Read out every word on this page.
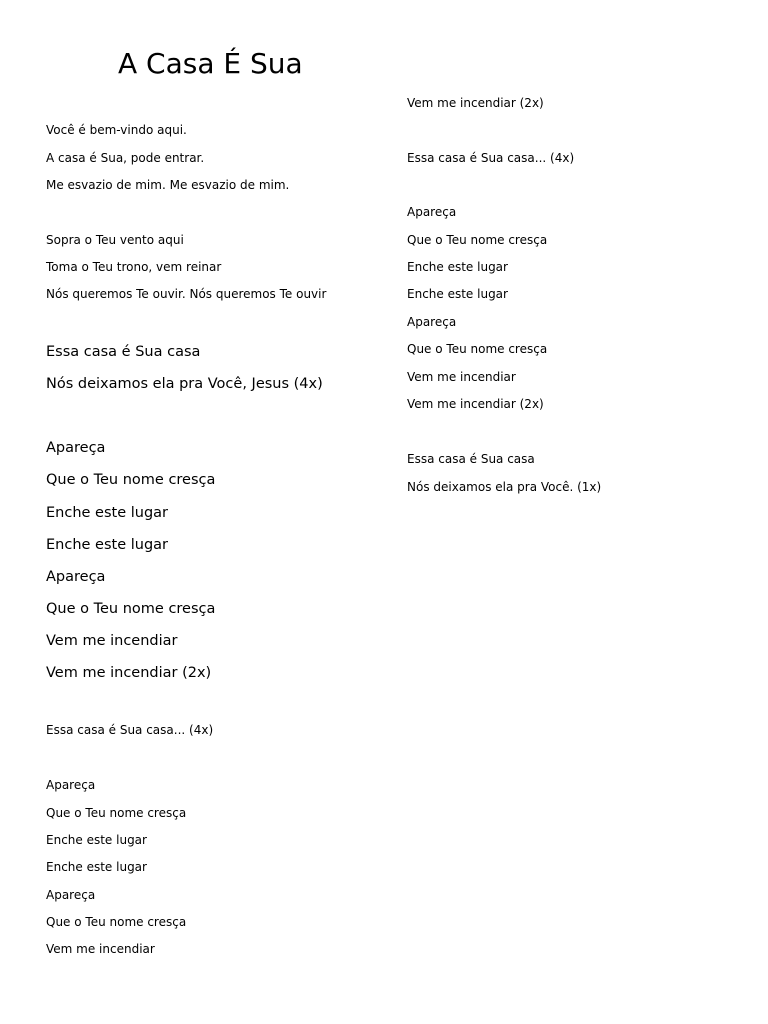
A Casa É Sua
Você é bem-vindo aqui.
A casa é Sua, pode entrar.
Me esvazio de mim. Me esvazio de mim.
Sopra o Teu vento aqui
Toma o Teu trono, vem reinar
Nós queremos Te ouvir. Nós queremos Te ouvir
Essa casa é Sua casa
Nós deixamos ela pra Você, Jesus (4x)
Apareça
Que o Teu nome cresça
Enche este lugar
Enche este lugar
Apareça
Que o Teu nome cresça
Vem me incendiar
Vem me incendiar (2x)
Essa casa é Sua casa... (4x)
Apareça
Que o Teu nome cresça
Enche este lugar
Enche este lugar
Apareça
Que o Teu nome cresça
Vem me incendiar
Vem me incendiar (2x)
Essa casa é Sua casa... (4x)
Apareça
Que o Teu nome cresça
Enche este lugar
Enche este lugar
Apareça
Que o Teu nome cresça
Vem me incendiar
Vem me incendiar (2x)
Essa casa é Sua casa
Nós deixamos ela pra Você. (1x)
